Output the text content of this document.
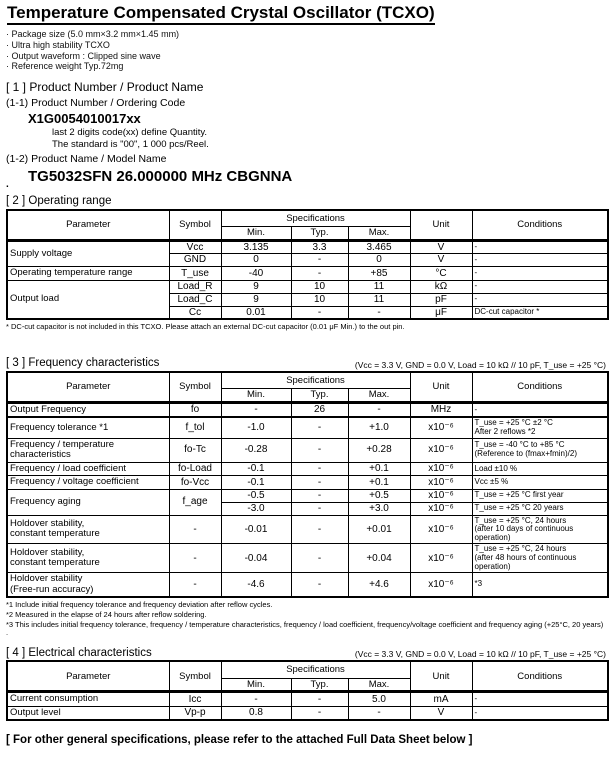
Temperature Compensated Crystal Oscillator (TCXO)
· Package size (5.0 mm×3.2 mm×1.45 mm)
· Ultra high stability TCXO
· Output waveform : Clipped sine wave
· Reference weight Typ.72mg
[ 1 ] Product Number / Product Name
(1-1) Product Number / Ordering Code
X1G0054010017xx
last 2 digits code(xx) define Quantity.
The standard is "00", 1 000 pcs/Reel.
(1-2) Product Name / Model Name
TG5032SFN 26.000000 MHz CBGNNA
.
[ 2 ] Operating range
Parameter	Symbol	Specifications			Unit	Conditions
		Min.	Typ.	Max.		
Supply voltage	Vcc	3.135	3.3	3.465	V	-
	GND	0	-	0	V	-
Operating temperature range	T_use	-40	-	+85	°C	-
Output load	Load_R	9	10	11	kΩ	-
	Load_C	9	10	11	pF	-
	Cc	0.01	-	-	μF	DC-cut capacitor *
* DC-cut capacitor is not included in this TCXO. Please attach an external DC-cut capacitor (0.01 μF Min.) to the out pin.
[ 3 ] Frequency characteristics	(Vcc = 3.3 V, GND = 0.0 V, Load = 10 kΩ // 10 pF, T_use = +25 °C)
Parameter	Symbol	Specifications			Unit	Conditions
		Min.	Typ.	Max.		
Output Frequency	fo	-	26	-	MHz	-
Frequency tolerance *1	f_tol	-1.0	-	+1.0	x10⁻⁶	T_use = +25 °C ±2 °C
After 2 reflows *2
Frequency / temperature
characteristics	fo-Tc	-0.28	-	+0.28	x10⁻⁶	T_use = -40 °C to +85 °C
(Reference to (fmax+fmin)/2)
Frequency / load coefficient	fo-Load	-0.1	-	+0.1	x10⁻⁶	Load ±10 %
Frequency / voltage coefficient	fo-Vcc	-0.1	-	+0.1	x10⁻⁶	Vcc ±5 %
Frequency aging	f_age	-0.5	-	+0.5	x10⁻⁶	T_use = +25 °C first year
		-3.0	-	+3.0	x10⁻⁶	T_use = +25 °C 20 years
Holdover stability,
constant temperature	-	-0.01	-	+0.01	x10⁻⁶	T_use = +25 °C, 24 hours
(after 10 days of continuous
operation)
Holdover stability,
constant temperature	-	-0.04	-	+0.04	x10⁻⁶	T_use = +25 °C, 24 hours
(after 48 hours of continuous
operation)
Holdover stability
(Free-run accuracy)	-	-4.6	-	+4.6	x10⁻⁶	*3
*1 Include initial frequency tolerance and frequency deviation after reflow cycles.
*2 Measured in the elapse of 24 hours after reflow soldering.
*3 This includes initial frequency tolerance, frequency / temperature characteristics, frequency / load coefficient, frequency/voltage coefficient and frequency aging (+25°C, 20 years) .
[ 4 ] Electrical characteristics	(Vcc = 3.3 V, GND = 0.0 V, Load = 10 kΩ // 10 pF, T_use = +25 °C)
Parameter	Symbol	Specifications			Unit	Conditions
		Min.	Typ.	Max.		
Current consumption	Icc	-	-	5.0	mA	-
Output level	Vp-p	0.8	-	-	V	-
[ For other general specifications, please refer to the attached Full Data Sheet below ]
